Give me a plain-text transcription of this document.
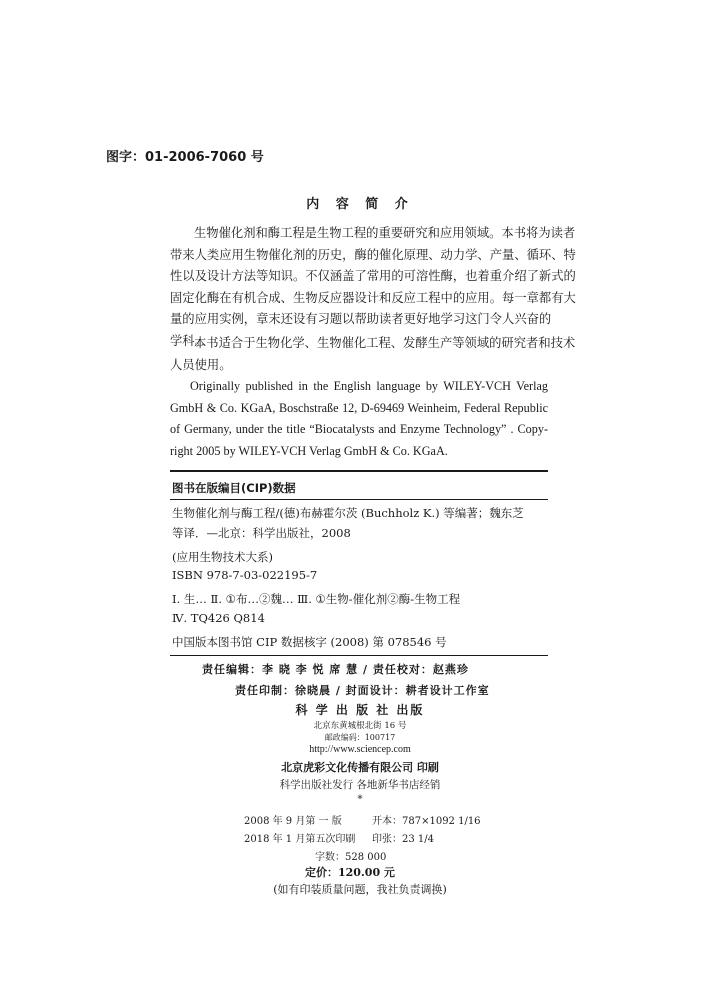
图字：01-2006-7060 号
内 容 简 介
生物催化剂和酶工程是生物工程的重要研究和应用领域。本书将为读者
带来人类应用生物催化剂的历史，酶的催化原理、动力学、产量、循环、特
性以及设计方法等知识。不仅涵盖了常用的可溶性酶，也着重介绍了新式的
固定化酶在有机合成、生物反应器设计和反应工程中的应用。每一章都有大
量的应用实例，章末还设有习题以帮助读者更好地学习这门令人兴奋的
学科。
本书适合于生物化学、生物催化工程、发酵生产等领域的研究者和技术
人员使用。
Originally published in the English language by WILEY-VCH Verlag
GmbH & Co. KGaA, Boschstraße 12, D-69469 Weinheim, Federal Republic
of Germany, under the title “Biocatalysts and Enzyme Technology” . Copy-
right 2005 by WILEY-VCH Verlag GmbH & Co. KGaA.
图书在版编目(CIP)数据
生物催化剂与酶工程/(德)布赫霍尔茨 (Buchholz K.) 等编著；魏东芝
等译．—北京：科学出版社，2008
(应用生物技术大系)
ISBN 978-7-03-022195-7
Ⅰ. 生… Ⅱ. ①布…②魏… Ⅲ. ①生物-催化剂②酶-生物工程
Ⅳ. TQ426 Q814
中国版本图书馆 CIP 数据核字 (2008) 第 078546 号
责任编辑：李 晓 李 悦 席 慧 / 责任校对：赵燕珍
责任印制：徐晓晨 / 封面设计：耕者设计工作室
科 学 出 版 社 出版
北京东黄城根北街 16 号
邮政编码：100717
http://www.sciencep.com
北京虎彩文化传播有限公司 印刷
科学出版社发行 各地新华书店经销
*
2008 年 9 月第 一 版	开本：787×1092 1/16
2018 年 1 月第五次印刷 印张：23 1/4
字数：528 000
定价：120.00 元
(如有印装质量问题，我社负责调换)
